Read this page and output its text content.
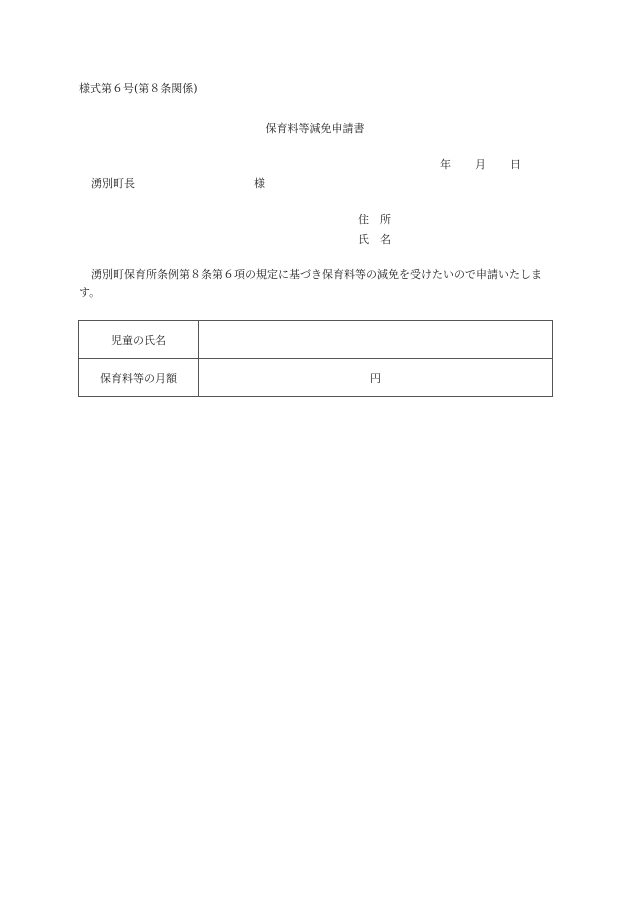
様式第６号(第８条関係)
保育料等減免申請書
年 月 日
湧別町長	様
住所
氏名
湧別町保育所条例第８条第６項の規定に基づき保育料等の減免を受けたいので申請いたします。
児童の氏名	
保育料等の月額	円
